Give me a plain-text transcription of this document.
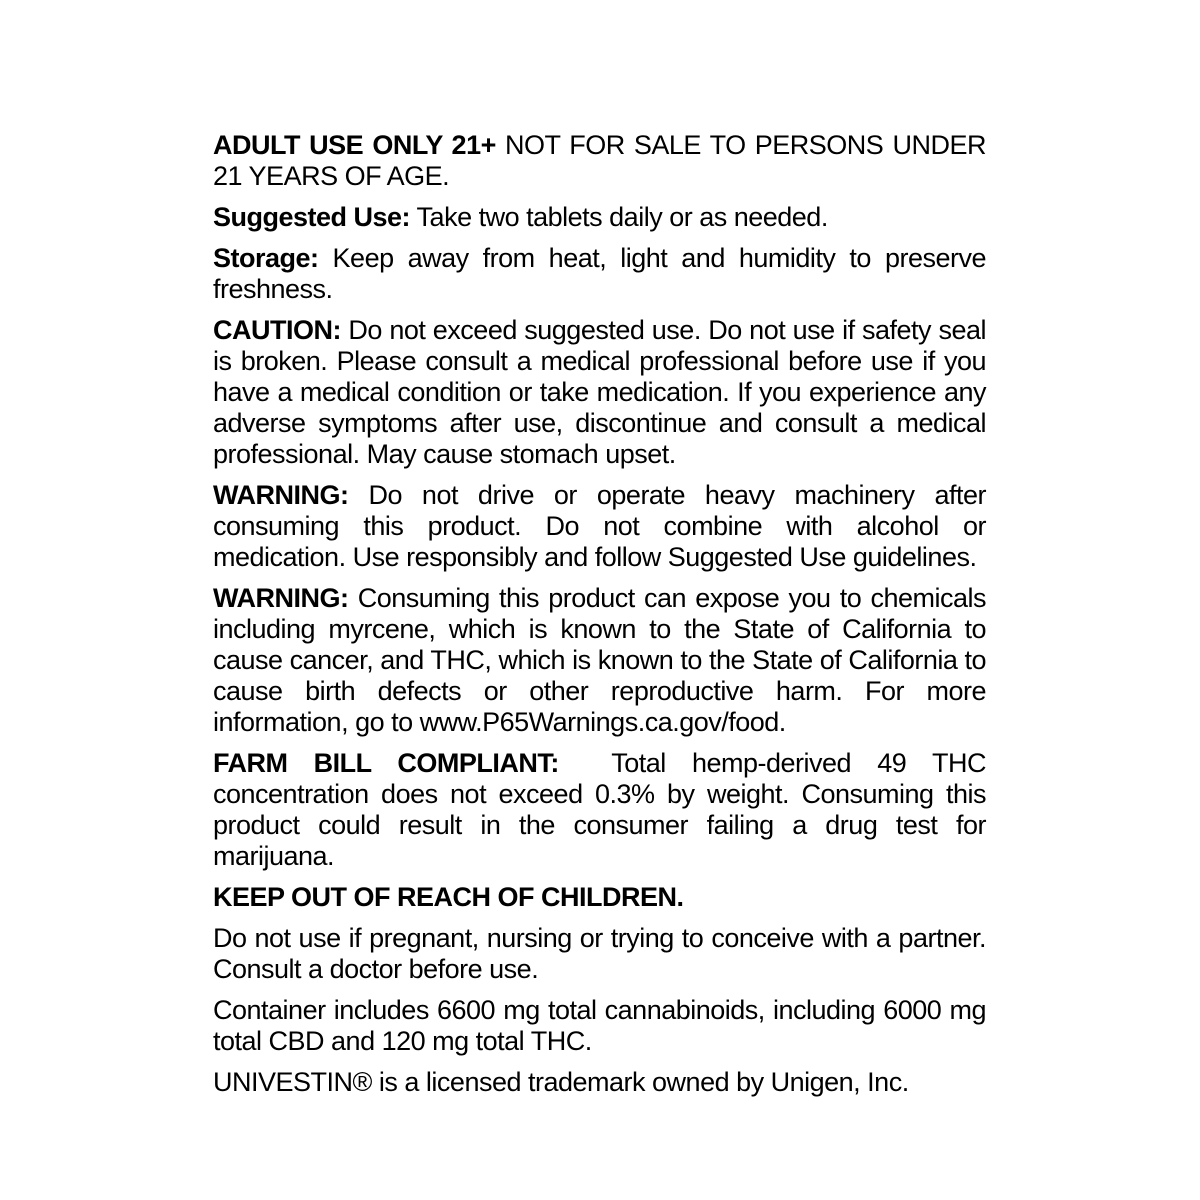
ADULT USE ONLY 21+ NOT FOR SALE TO PERSONS UNDER 21 YEARS OF AGE.

Suggested Use: Take two tablets daily or as needed.

Storage: Keep away from heat, light and humidity to preserve freshness.

CAUTION: Do not exceed suggested use. Do not use if safety seal is broken. Please consult a medical professional before use if you have a medical condition or take medication. If you experience any adverse symptoms after use, discontinue and consult a medical professional. May cause stomach upset.

WARNING: Do not drive or operate heavy machinery after consuming this product. Do not combine with alcohol or medication. Use responsibly and follow Suggested Use guidelines.

WARNING: Consuming this product can expose you to chemicals including myrcene, which is known to the State of California to cause cancer, and THC, which is known to the State of California to cause birth defects or other reproductive harm. For more information, go to www.P65Warnings.ca.gov/food.

FARM BILL COMPLIANT:  Total hemp-derived 49 THC concentration does not exceed 0.3% by weight. Consuming this product could result in the consumer failing a drug test for marijuana.

KEEP OUT OF REACH OF CHILDREN.

Do not use if pregnant, nursing or trying to conceive with a partner. Consult a doctor before use.

Container includes 6600 mg total cannabinoids, including 6000 mg total CBD and 120 mg total THC.

UNIVESTIN® is a licensed trademark owned by Unigen, Inc.
